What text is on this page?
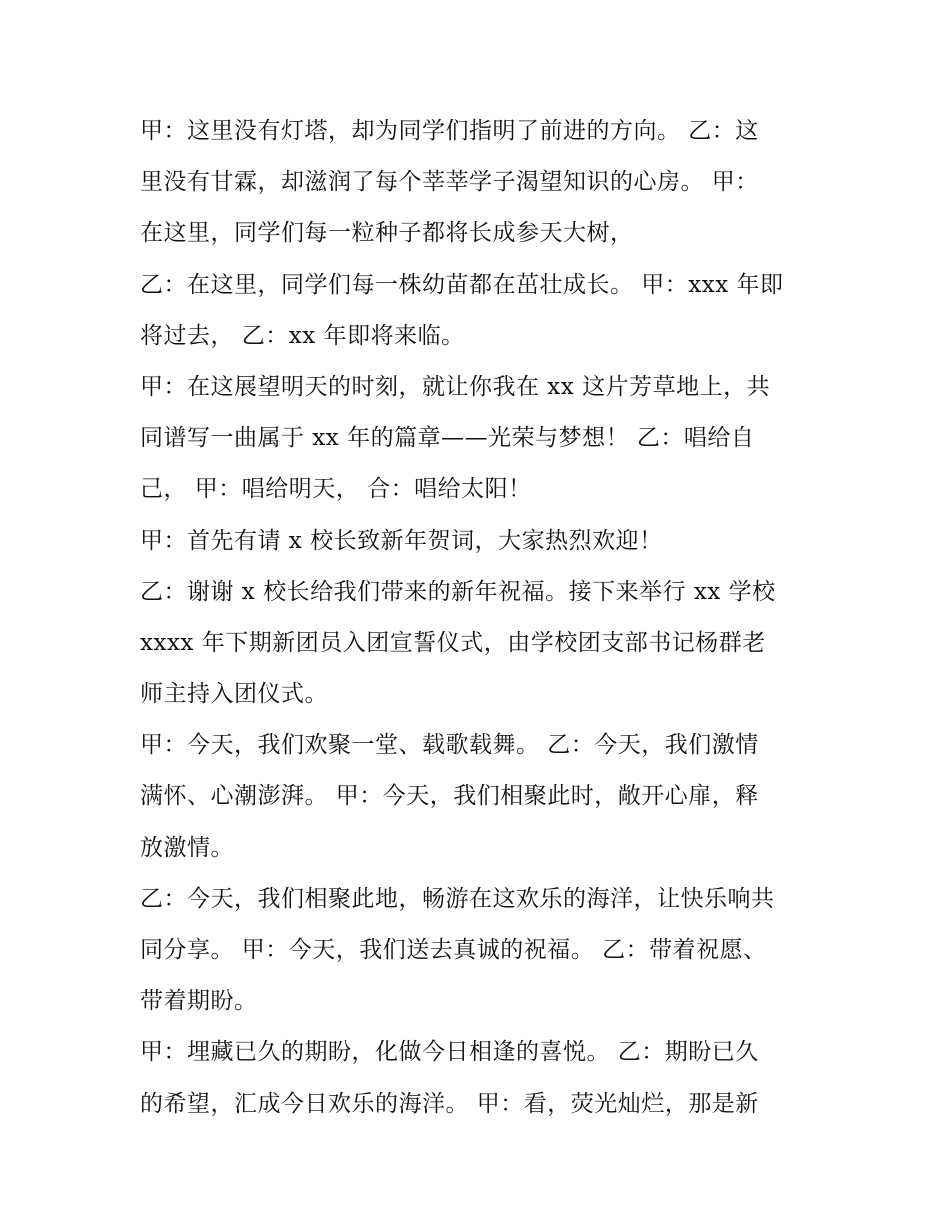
甲：这里没有灯塔，却为同学们指明了前进的方向。 乙：这
里没有甘霖，却滋润了每个莘莘学子渴望知识的心房。 甲：
在这里，同学们每一粒种子都将长成参天大树，
乙：在这里，同学们每一株幼苗都在茁壮成长。 甲：xxx 年即
将过去， 乙：xx 年即将来临。
甲：在这展望明天的时刻，就让你我在 xx 这片芳草地上，共
同谱写一曲属于 xx 年的篇章——光荣与梦想！ 乙：唱给自
己， 甲：唱给明天， 合：唱给太阳！
甲：首先有请 x 校长致新年贺词，大家热烈欢迎！
乙：谢谢 x 校长给我们带来的新年祝福。接下来举行 xx 学校
xxxx 年下期新团员入团宣誓仪式，由学校团支部书记杨群老
师主持入团仪式。
甲：今天，我们欢聚一堂、载歌载舞。 乙：今天，我们激情
满怀、心潮澎湃。 甲：今天，我们相聚此时，敞开心扉，释
放激情。
乙：今天，我们相聚此地，畅游在这欢乐的海洋，让快乐响共
同分享。 甲：今天，我们送去真诚的祝福。 乙：带着祝愿、
带着期盼。
甲：埋藏已久的期盼，化做今日相逢的喜悦。 乙：期盼已久
的希望，汇成今日欢乐的海洋。 甲：看，荧光灿烂，那是新
